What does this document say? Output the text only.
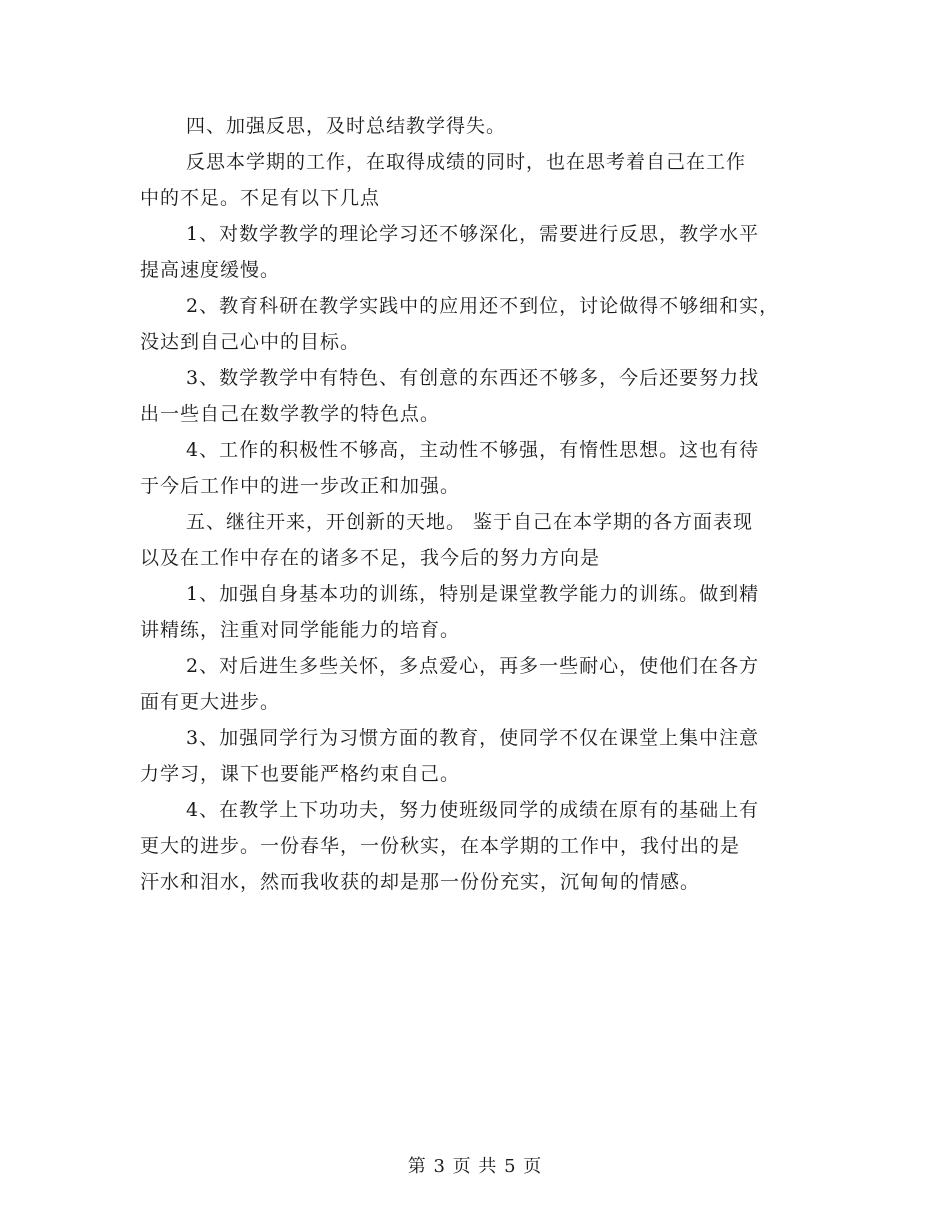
四、加强反思，及时总结教学得失。
反思本学期的工作，在取得成绩的同时，也在思考着自己在工作
中的不足。不足有以下几点
1、对数学教学的理论学习还不够深化，需要进行反思，教学水平
提高速度缓慢。
2、教育科研在教学实践中的应用还不到位，讨论做得不够细和实，
没达到自己心中的目标。
3、数学教学中有特色、有创意的东西还不够多，今后还要努力找
出一些自己在数学教学的特色点。
4、工作的积极性不够高，主动性不够强，有惰性思想。这也有待
于今后工作中的进一步改正和加强。
五、继往开来，开创新的天地。 鉴于自己在本学期的各方面表现
以及在工作中存在的诸多不足，我今后的努力方向是
1、加强自身基本功的训练，特别是课堂教学能力的训练。做到精
讲精练，注重对同学能能力的培育。
2、对后进生多些关怀，多点爱心，再多一些耐心，使他们在各方
面有更大进步。
3、加强同学行为习惯方面的教育，使同学不仅在课堂上集中注意
力学习，课下也要能严格约束自己。
4、在教学上下功功夫，努力使班级同学的成绩在原有的基础上有
更大的进步。一份春华，一份秋实，在本学期的工作中，我付出的是
汗水和泪水，然而我收获的却是那一份份充实，沉甸甸的情感。
第 3 页 共 5 页
